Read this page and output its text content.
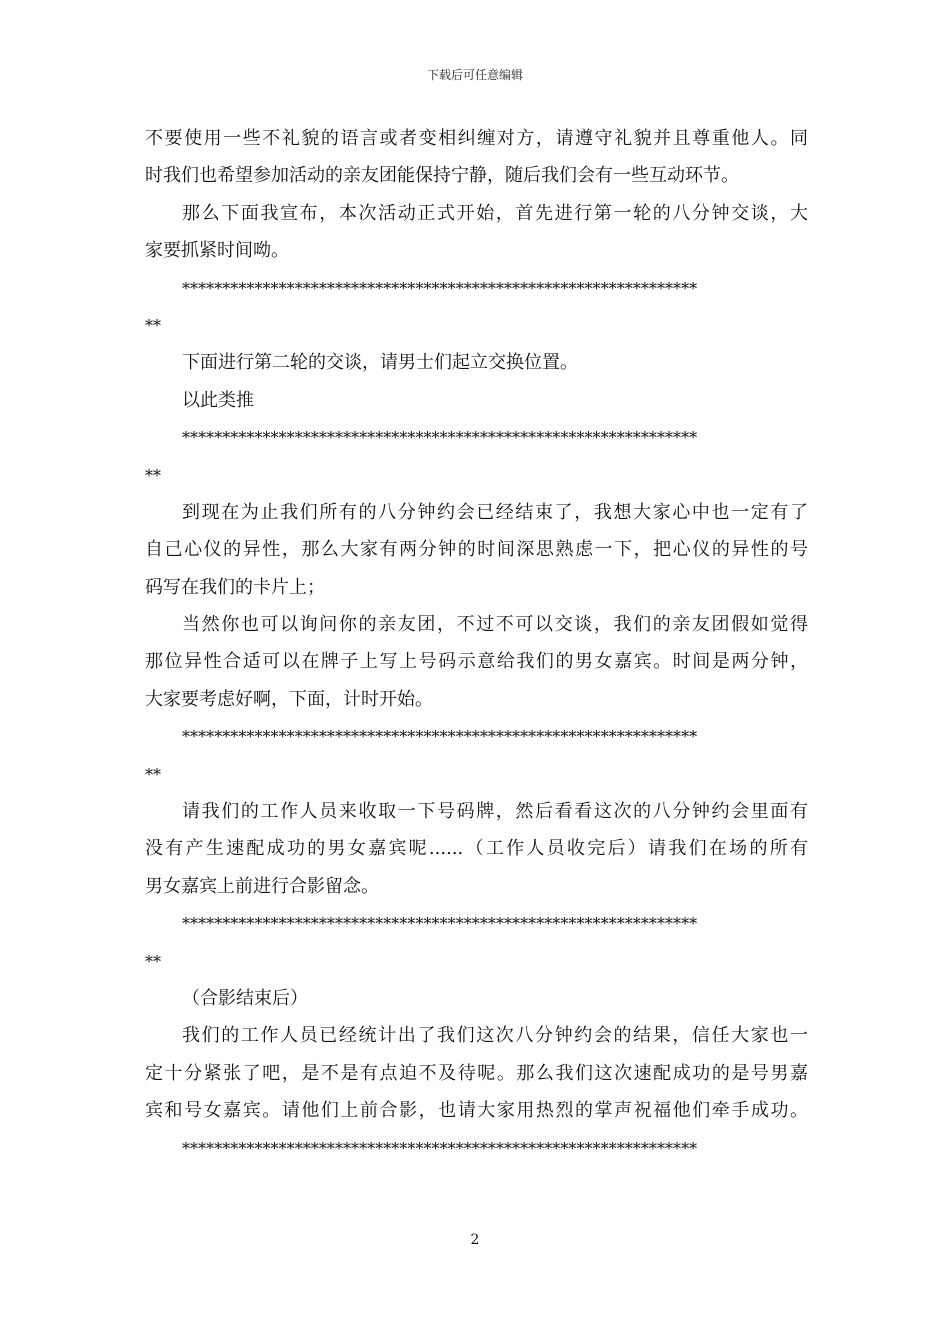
下载后可任意编辑
不要使用一些不礼貌的语言或者变相纠缠对方，请遵守礼貌并且尊重他人。同
时我们也希望参加活动的亲友团能保持宁静，随后我们会有一些互动环节。
那么下面我宣布，本次活动正式开始，首先进行第一轮的八分钟交谈，大
家要抓紧时间呦。
****************************************************************
**
下面进行第二轮的交谈，请男士们起立交换位置。
以此类推
****************************************************************
**
到现在为止我们所有的八分钟约会已经结束了，我想大家心中也一定有了
自己心仪的异性，那么大家有两分钟的时间深思熟虑一下，把心仪的异性的号
码写在我们的卡片上；
当然你也可以询问你的亲友团，不过不可以交谈，我们的亲友团假如觉得
那位异性合适可以在牌子上写上号码示意给我们的男女嘉宾。时间是两分钟，
大家要考虑好啊，下面，计时开始。
****************************************************************
**
请我们的工作人员来收取一下号码牌，然后看看这次的八分钟约会里面有
没有产生速配成功的男女嘉宾呢......（工作人员收完后）请我们在场的所有
男女嘉宾上前进行合影留念。
****************************************************************
**
（合影结束后）
我们的工作人员已经统计出了我们这次八分钟约会的结果，信任大家也一
定十分紧张了吧，是不是有点迫不及待呢。那么我们这次速配成功的是号男嘉
宾和号女嘉宾。请他们上前合影，也请大家用热烈的掌声祝福他们牵手成功。
****************************************************************
2
